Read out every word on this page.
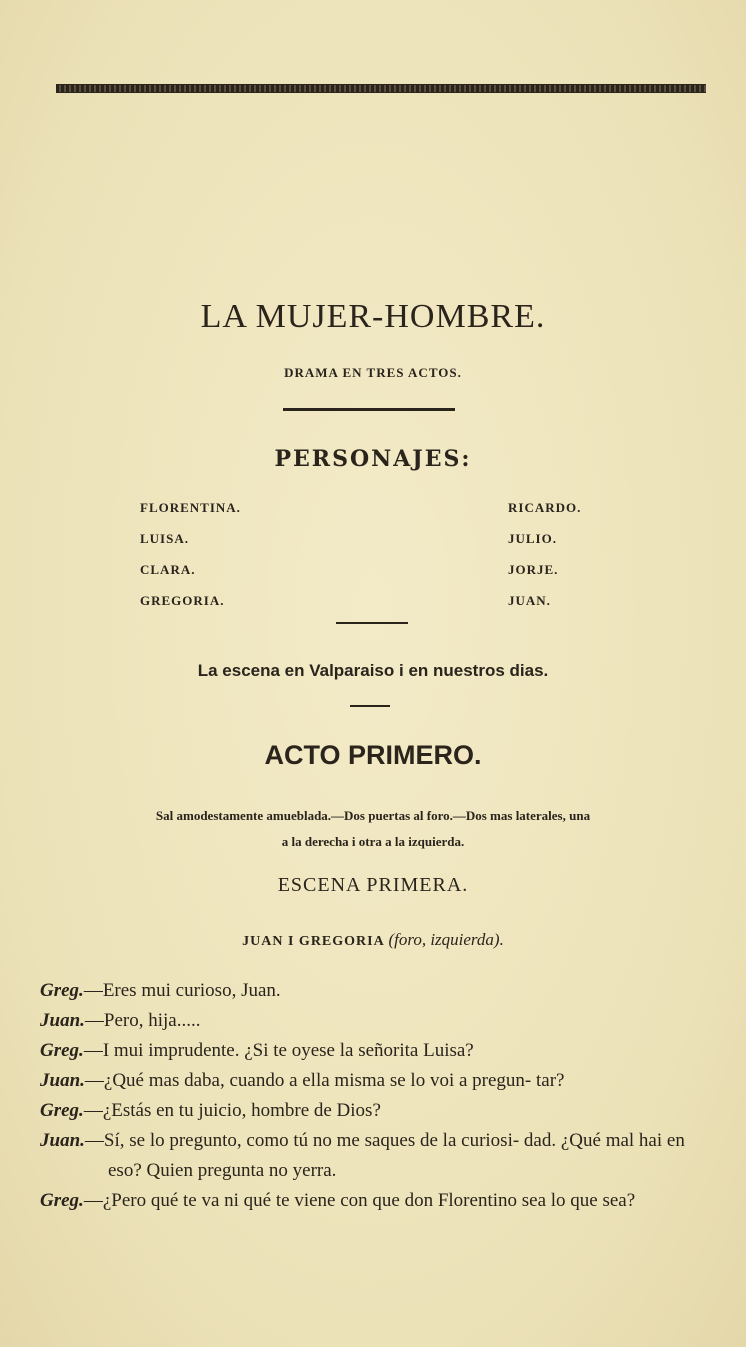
LA MUJER-HOMBRE.
DRAMA EN TRES ACTOS.
PERSONAJES:
FLORENTINA.
LUISA.
CLARA.
GREGORIA.
RICARDO.
JULIO.
JORJE.
JUAN.
La escena en Valparaiso i en nuestros dias.
ACTO PRIMERO.
Sal amodestamente amueblada.—Dos puertas al foro.—Dos mas laterales, una
a la derecha i otra a la izquierda.
ESCENA PRIMERA.
JUAN I GREGORIA (foro, izquierda).
Greg.—Eres mui curioso, Juan.
Juan.—Pero, hija.....
Greg.—I mui imprudente. ¿Si te oyese la señorita Luisa?
Juan.—¿Qué mas daba, cuando a ella misma se lo voi a pregun- tar?
Greg.—¿Estás en tu juicio, hombre de Dios?
Juan.—Sí, se lo pregunto, como tú no me saques de la curiosi- dad. ¿Qué mal hai en eso? Quien pregunta no yerra.
Greg.—¿Pero qué te va ni qué te viene con que don Florentino sea lo que sea?
